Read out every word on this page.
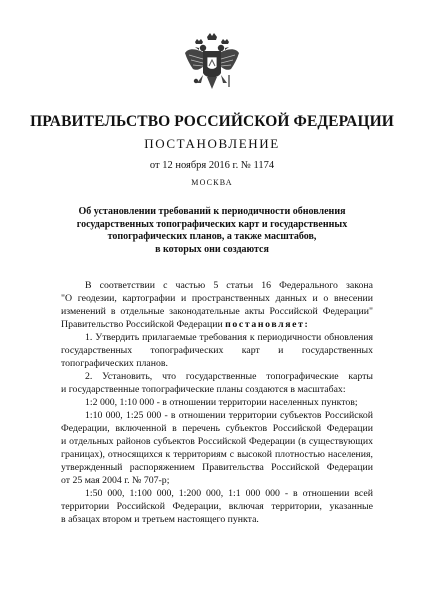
ПРАВИТЕЛЬСТВО РОССИЙСКОЙ ФЕДЕРАЦИИ
ПОСТАНОВЛЕНИЕ
от 12 ноября 2016 г. № 1174
МОСКВА
Об установлении требований к периодичности обновления
государственных топографических карт и государственных
топографических планов, а также масштабов,
в которых они создаются
В соответствии с частью 5 статьи 16 Федерального закона
"О геодезии, картографии и пространственных данных и о внесении
изменений в отдельные законодательные акты Российской Федерации"
Правительство Российской Федерации постановляет:
1. Утвердить прилагаемые требования к периодичности обновления
государственных топографических карт и государственных
топографических планов.
2. Установить, что государственные топографические карты
и государственные топографические планы создаются в масштабах:
1:2 000, 1:10 000 - в отношении территории населенных пунктов;
1:10 000, 1:25 000 - в отношении территории субъектов Российской
Федерации, включенной в перечень субъектов Российской Федерации
и отдельных районов субъектов Российской Федерации (в существующих
границах), относящихся к территориям с высокой плотностью населения,
утвержденный распоряжением Правительства Российской Федерации
от 25 мая 2004 г. № 707-р;
1:50 000, 1:100 000, 1:200 000, 1:1 000 000 - в отношении всей
территории Российской Федерации, включая территории, указанные
в абзацах втором и третьем настоящего пункта.
